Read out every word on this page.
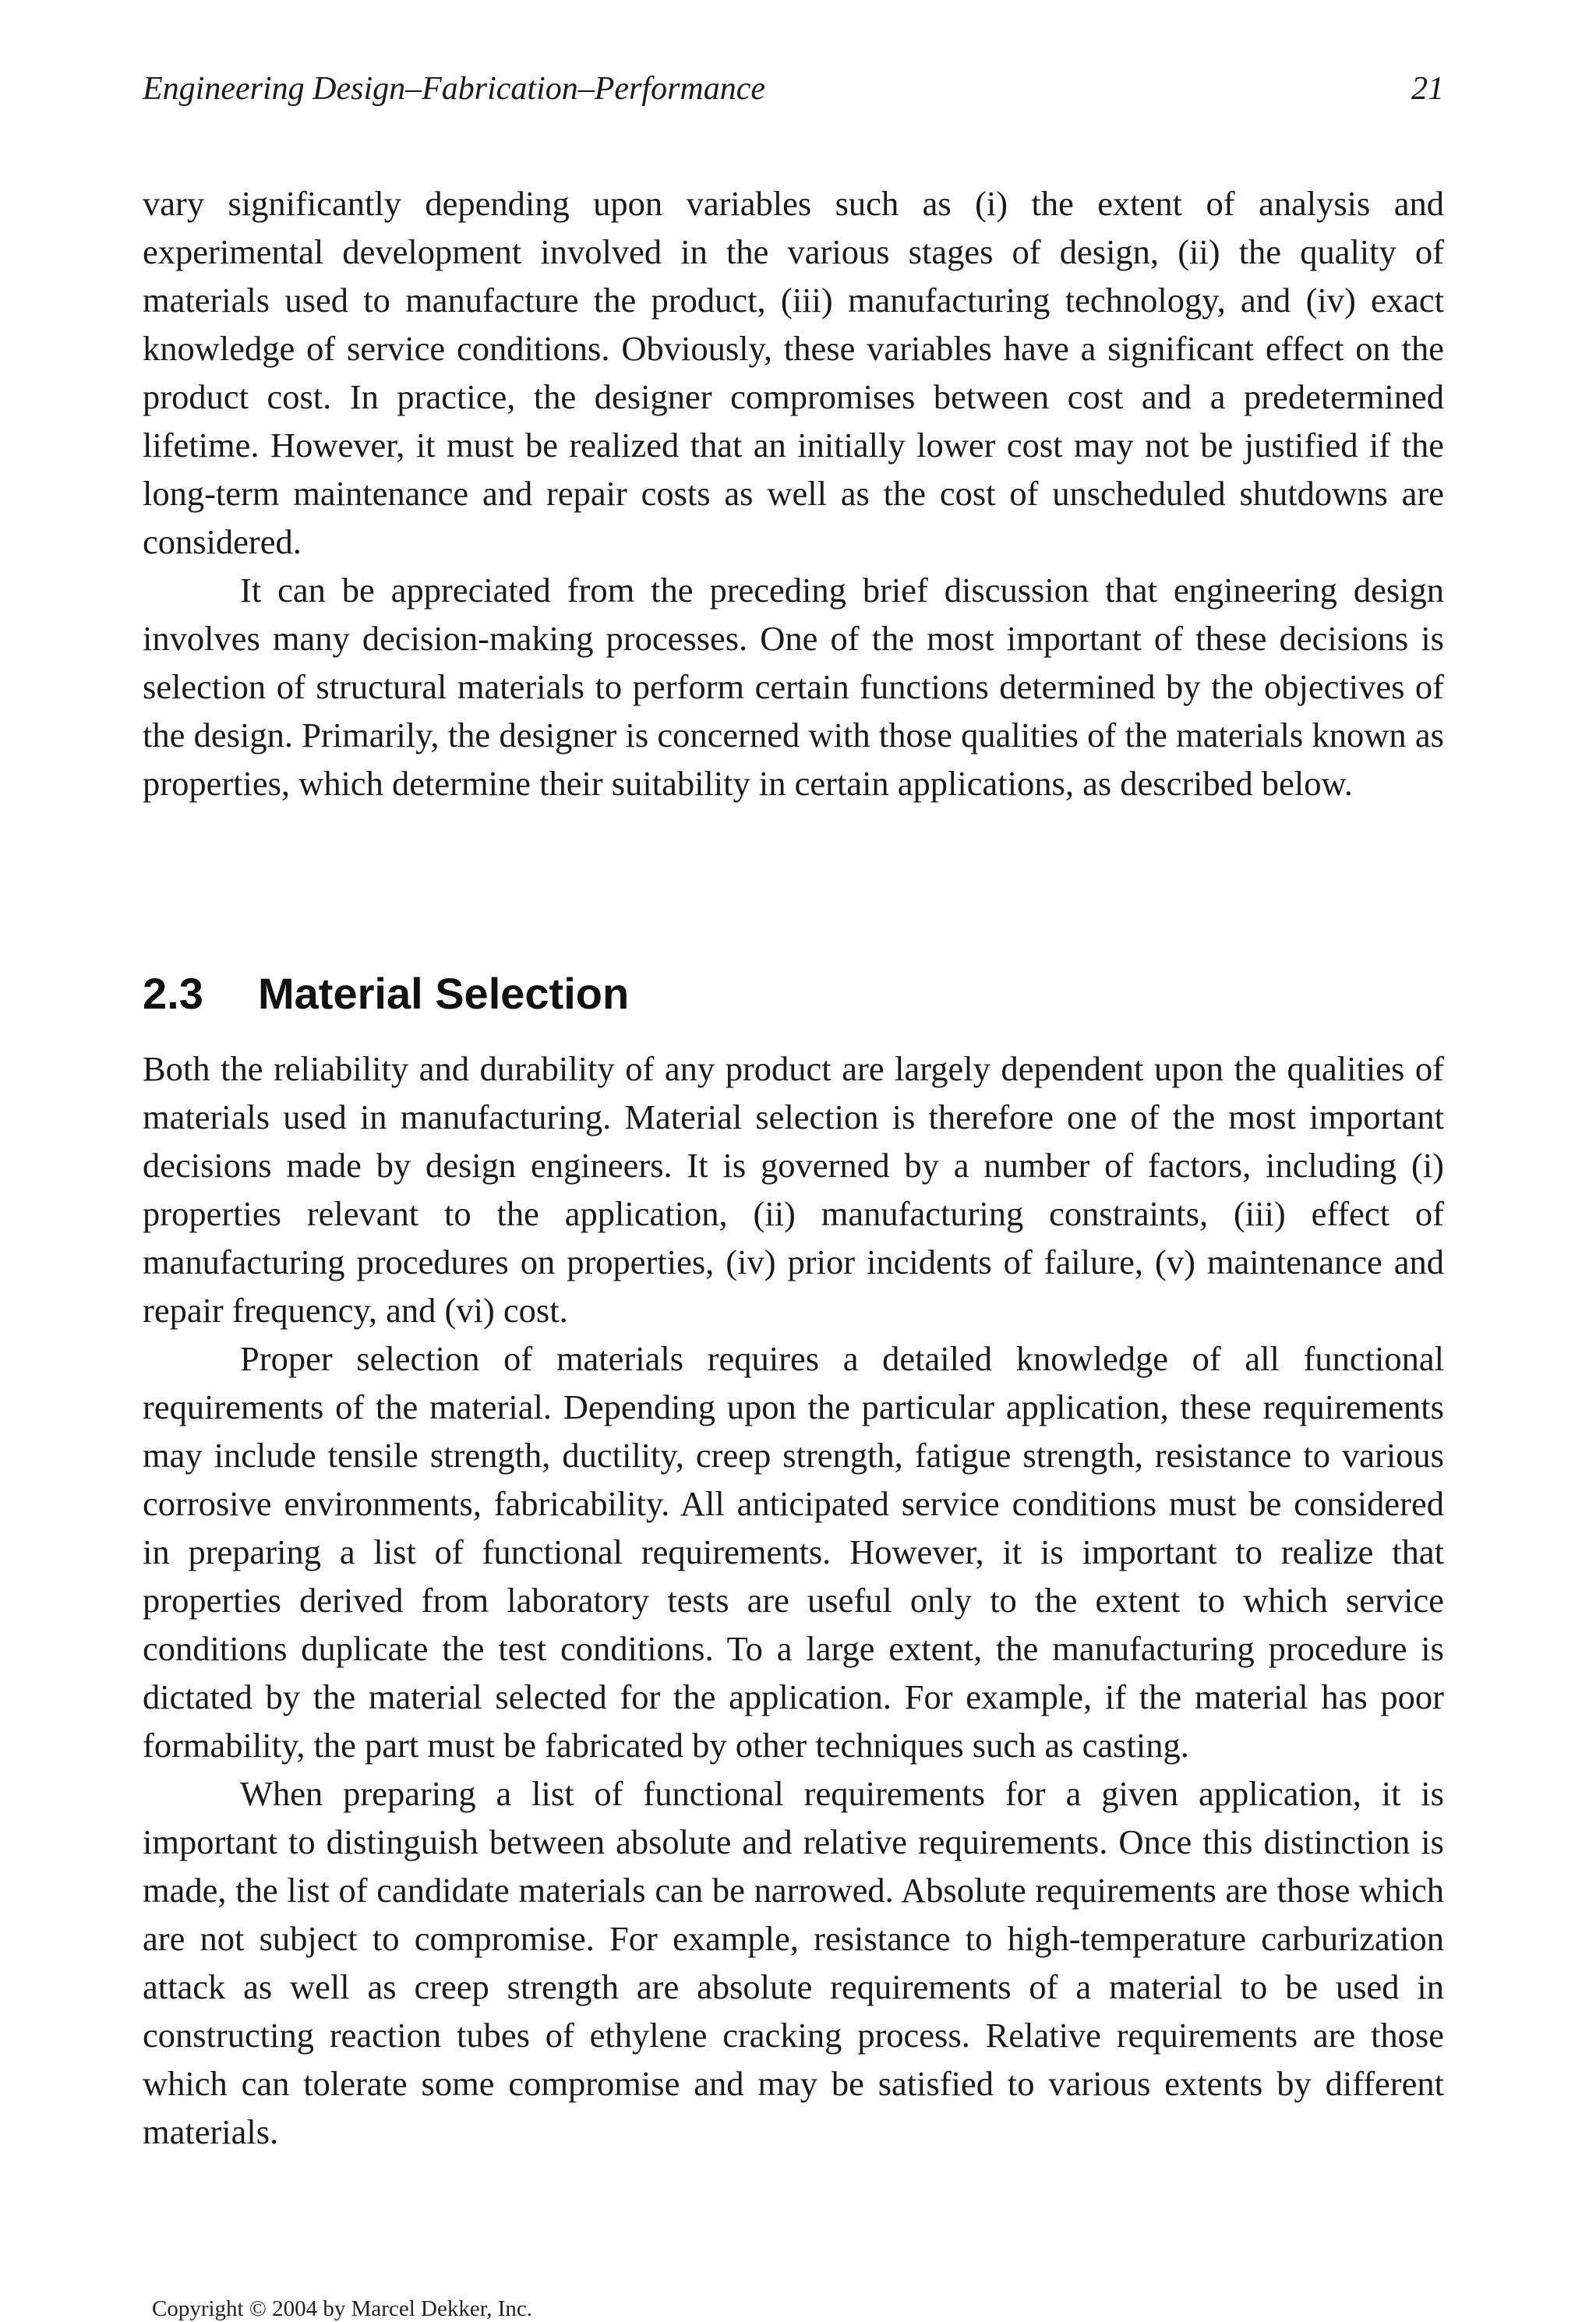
Engineering Design–Fabrication–Performance	21

vary significantly depending upon variables such as (i) the extent of analysis and experimental development involved in the various stages of design, (ii) the quality of materials used to manufacture the product, (iii) manufacturing technology, and (iv) exact knowledge of service conditions. Obviously, these variables have a significant effect on the product cost. In practice, the designer compromises between cost and a predetermined lifetime. However, it must be realized that an initially lower cost may not be justified if the long-term maintenance and repair costs as well as the cost of unscheduled shutdowns are considered.

It can be appreciated from the preceding brief discussion that engineering design involves many decision-making processes. One of the most important of these decisions is selection of structural materials to perform certain functions determined by the objectives of the design. Primarily, the designer is concerned with those qualities of the materials known as properties, which determine their suitability in certain applications, as described below.

2.3 Material Selection

Both the reliability and durability of any product are largely dependent upon the qualities of materials used in manufacturing. Material selection is therefore one of the most important decisions made by design engineers. It is governed by a number of factors, including (i) properties relevant to the application, (ii) manufacturing constraints, (iii) effect of manufacturing procedures on properties, (iv) prior incidents of failure, (v) maintenance and repair frequency, and (vi) cost.

Proper selection of materials requires a detailed knowledge of all functional requirements of the material. Depending upon the particular application, these requirements may include tensile strength, ductility, creep strength, fatigue strength, resistance to various corrosive environments, fabricability. All anticipated service conditions must be considered in preparing a list of functional requirements. However, it is important to realize that properties derived from laboratory tests are useful only to the extent to which service conditions duplicate the test conditions. To a large extent, the manufacturing procedure is dictated by the material selected for the application. For example, if the material has poor formability, the part must be fabricated by other techniques such as casting.

When preparing a list of functional requirements for a given application, it is important to distinguish between absolute and relative requirements. Once this distinction is made, the list of candidate materials can be narrowed. Absolute requirements are those which are not subject to compromise. For example, resistance to high-temperature carburization attack as well as creep strength are absolute requirements of a material to be used in constructing reaction tubes of ethylene cracking process. Relative requirements are those which can tolerate some compromise and may be satisfied to various extents by different materials.

Copyright © 2004 by Marcel Dekker, Inc.
